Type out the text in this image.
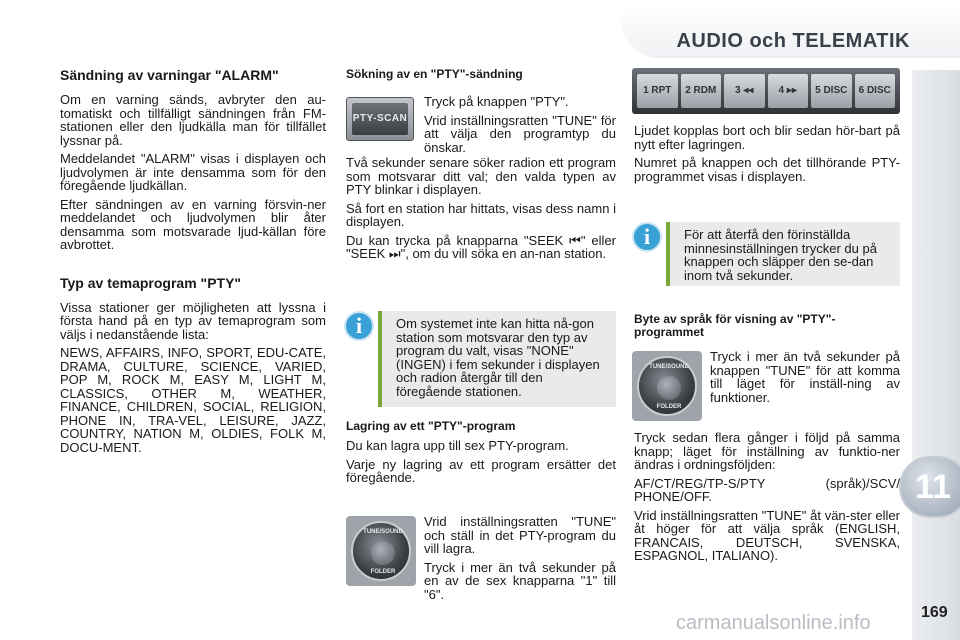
AUDIO och TELEMATIK
11
169
carmanualsonline.info
Sändning av varningar "ALARM"

Om en varning sänds, avbryter den au-tomatiskt och tillfälligt sändningen från FM-stationen eller den ljudkälla man för tillfället lyssnar på.

Meddelandet "ALARM" visas i displayen och ljudvolymen är inte densamma som för den föregående ljudkällan.

Efter sändningen av en varning försvin-ner meddelandet och ljudvolymen blir åter densamma som motsvarade ljud-källan före avbrottet.

Typ av temaprogram "PTY"

Vissa stationer ger möjligheten att lyssna i första hand på en typ av temaprogram som väljs i nedanstående lista:

NEWS, AFFAIRS, INFO, SPORT, EDU-CATE, DRAMA, CULTURE, SCIENCE, VARIED, POP M, ROCK M, EASY M, LIGHT M, CLASSICS, OTHER M, WEATHER, FINANCE, CHILDREN, SOCIAL, RELIGION, PHONE IN, TRA-VEL, LEISURE, JAZZ, COUNTRY, NATION M, OLDIES, FOLK M, DOCU-MENT.

Sökning av en "PTY"-sändning
PTY-SCAN

Tryck på knappen "PTY".

Vrid inställningsratten "TUNE" för att välja den programtyp du önskar.

Två sekunder senare söker radion ett program som motsvarar ditt val; den valda typen av PTY blinkar i displayen.

Så fort en station har hittats, visas dess namn i displayen.

Du kan trycka på knapparna "SEEK ⏮" eller "SEEK ⏭", om du vill söka en an-nan station.

i	Om systemet inte kan hitta nå-gon station som motsvarar den typ av program du valt, visas "NONE" (INGEN) i fem sekunder i displayen och radion återgår till den föregående stationen.
Lagring av ett "PTY"-program

Du kan lagra upp till sex PTY-program.

Varje ny lagring av ett program ersätter det föregående.

TUNE/SOUND
FOLDER

Vrid inställningsratten "TUNE" och ställ in det PTY-program du vill lagra.

Tryck i mer än två sekunder på en av de sex knapparna "1" till "6".

1 RPT	2 RDM	3 ◂◂	4 ▸▸	5 DISC	6 DISC

Ljudet kopplas bort och blir sedan hör-bart på nytt efter lagringen.

Numret på knappen och det tillhörande PTY-programmet visas i displayen.

i	För att återfå den förinställda minnesinställningen trycker du på knappen och släpper den se-dan inom två sekunder.
Byte av språk för visning av "PTY"-programmet
TUNE/SOUND
FOLDER

Tryck i mer än två sekunder på knappen "TUNE" för att komma till läget för inställ-ning av funktioner.

Tryck sedan flera gånger i följd på samma knapp; läget för inställning av funktio-ner ändras i ordningsföljden:

AF/CT/REG/TP-S/PTY (språk)/SCV/ PHONE/OFF.

Vrid inställningsratten "TUNE" åt vän-ster eller åt höger för att välja språk (ENGLISH, FRANCAIS, DEUTSCH, SVENSKA, ESPAGNOL, ITALIANO).
